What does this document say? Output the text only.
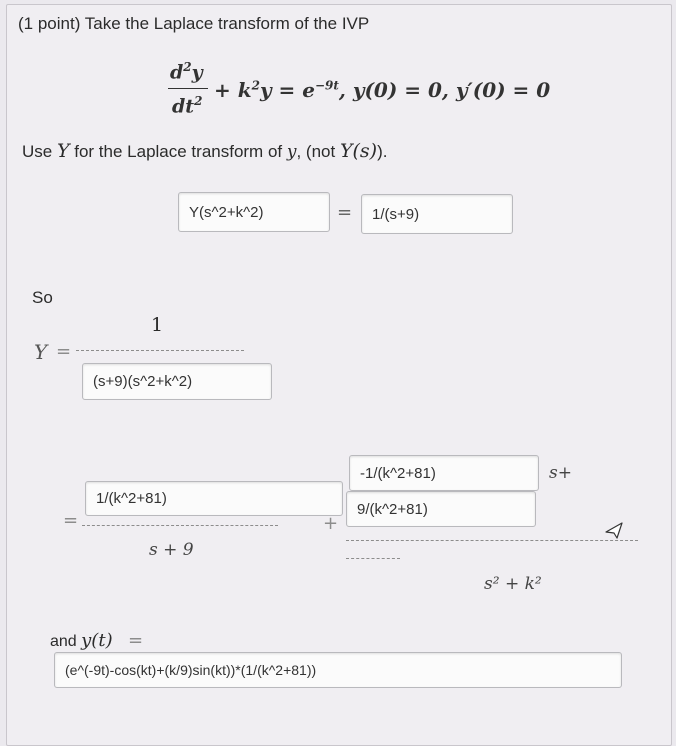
(1 point) Take the Laplace transform of the IVP
$d^2y$
$dt^2 + k^2y = e^{-9t}$, y(0) = 0, y′(0) = 0
Use Y for the Laplace transform of y, (not Y(s)).
Y(s^2+k^2)	=	1/(s+9)
So
1
Y =
(s+9)(s^2+k^2)
-1/(k^2+81)	s+
1/(k^2+81)
9/(k^2+81)
=	+
s + 9
s² + k²
and y(t) =
(e^(-9t)-cos(kt)+(k/9)sin(kt))*(1/(k^2+81))
